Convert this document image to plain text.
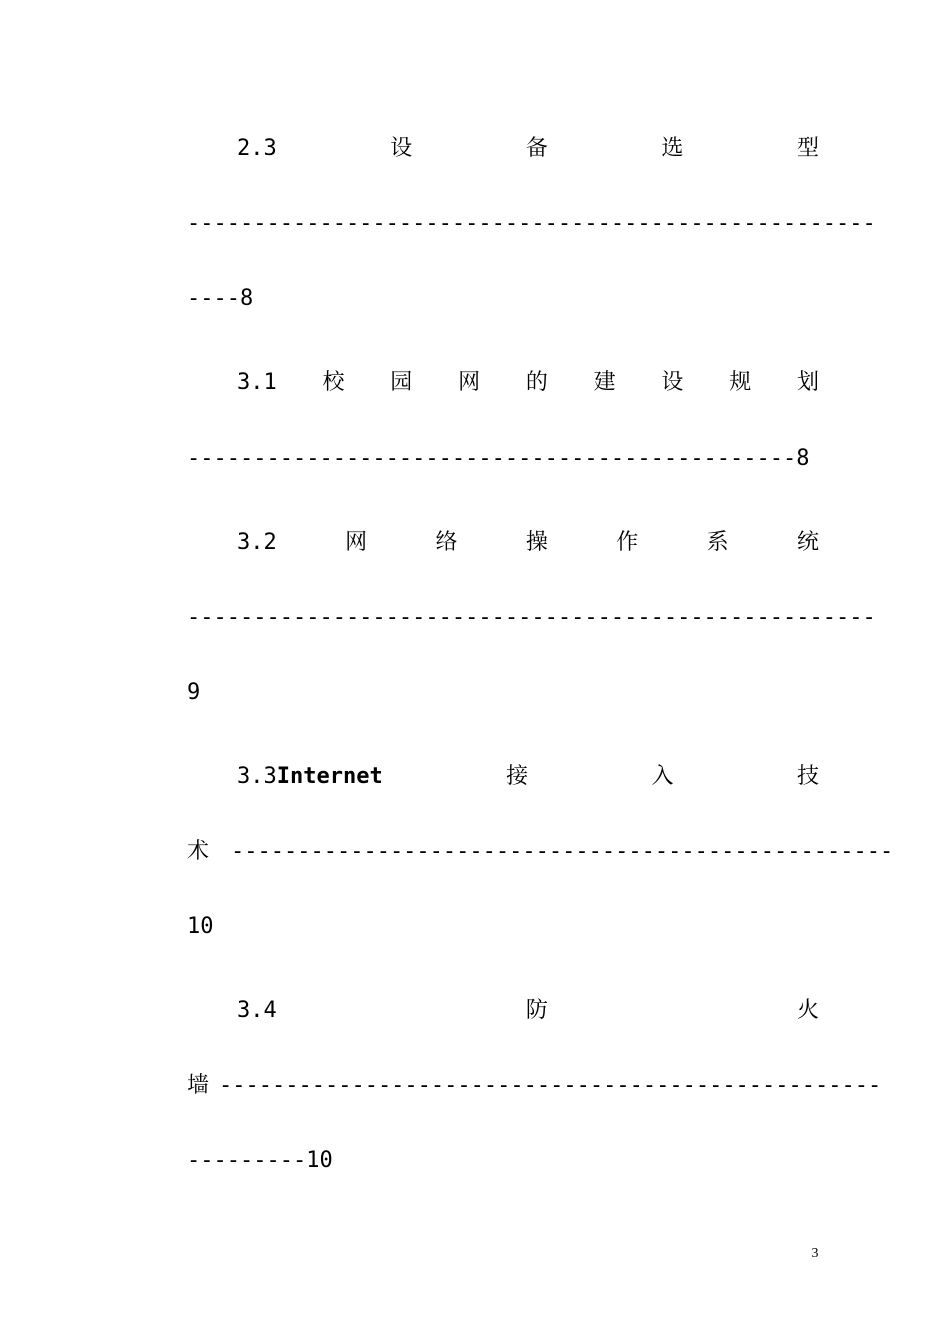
2.3	设	备	选	型
----------------------------------------------------
----8
3.1 校 园 网 的 建 设 规 划
----------------------------------------------8
3.2	网	络	操	作	系	统
----------------------------------------------------
9
3.3Internet	接	入	技
术 --------------------------------------------------
10
3.4	防	火
墙 --------------------------------------------------
---------10
3
